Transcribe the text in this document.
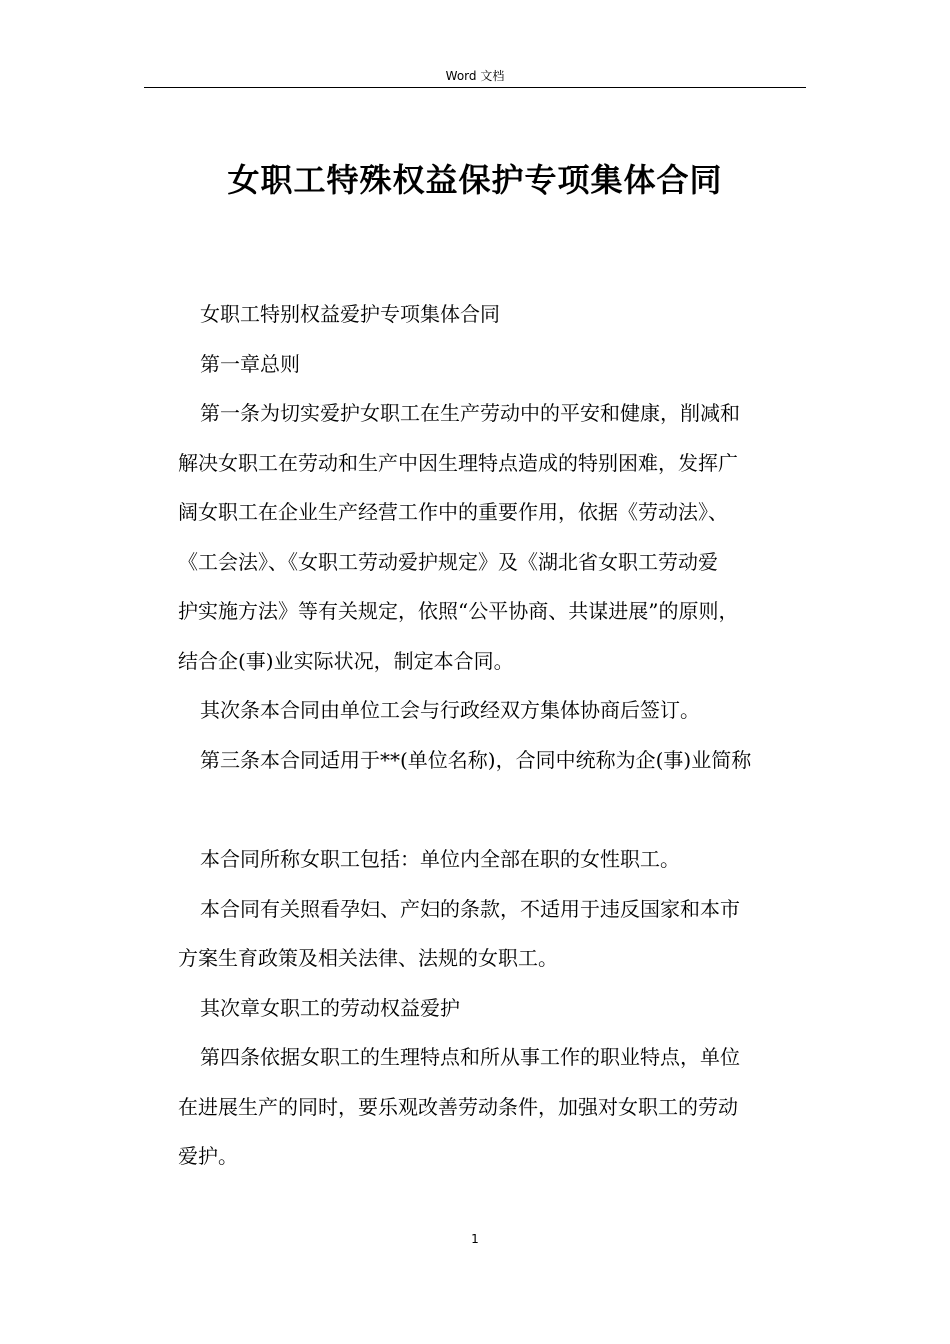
Word 文档
女职工特殊权益保护专项集体合同
女职工特别权益爱护专项集体合同
第一章总则
第一条为切实爱护女职工在生产劳动中的平安和健康，削减和
解决女职工在劳动和生产中因生理特点造成的特别困难，发挥广
阔女职工在企业生产经营工作中的重要作用，依据《劳动法》、
《工会法》、《女职工劳动爱护规定》及《湖北省女职工劳动爱
护实施方法》等有关规定，依照“公平协商、共谋进展”的原则，
结合企(事)业实际状况，制定本合同。
其次条本合同由单位工会与行政经双方集体协商后签订。
第三条本合同适用于**(单位名称)，合同中统称为企(事)业简称
本合同所称女职工包括：单位内全部在职的女性职工。
本合同有关照看孕妇、产妇的条款，不适用于违反国家和本市
方案生育政策及相关法律、法规的女职工。
其次章女职工的劳动权益爱护
第四条依据女职工的生理特点和所从事工作的职业特点，单位
在进展生产的同时，要乐观改善劳动条件，加强对女职工的劳动
爱护。
1
